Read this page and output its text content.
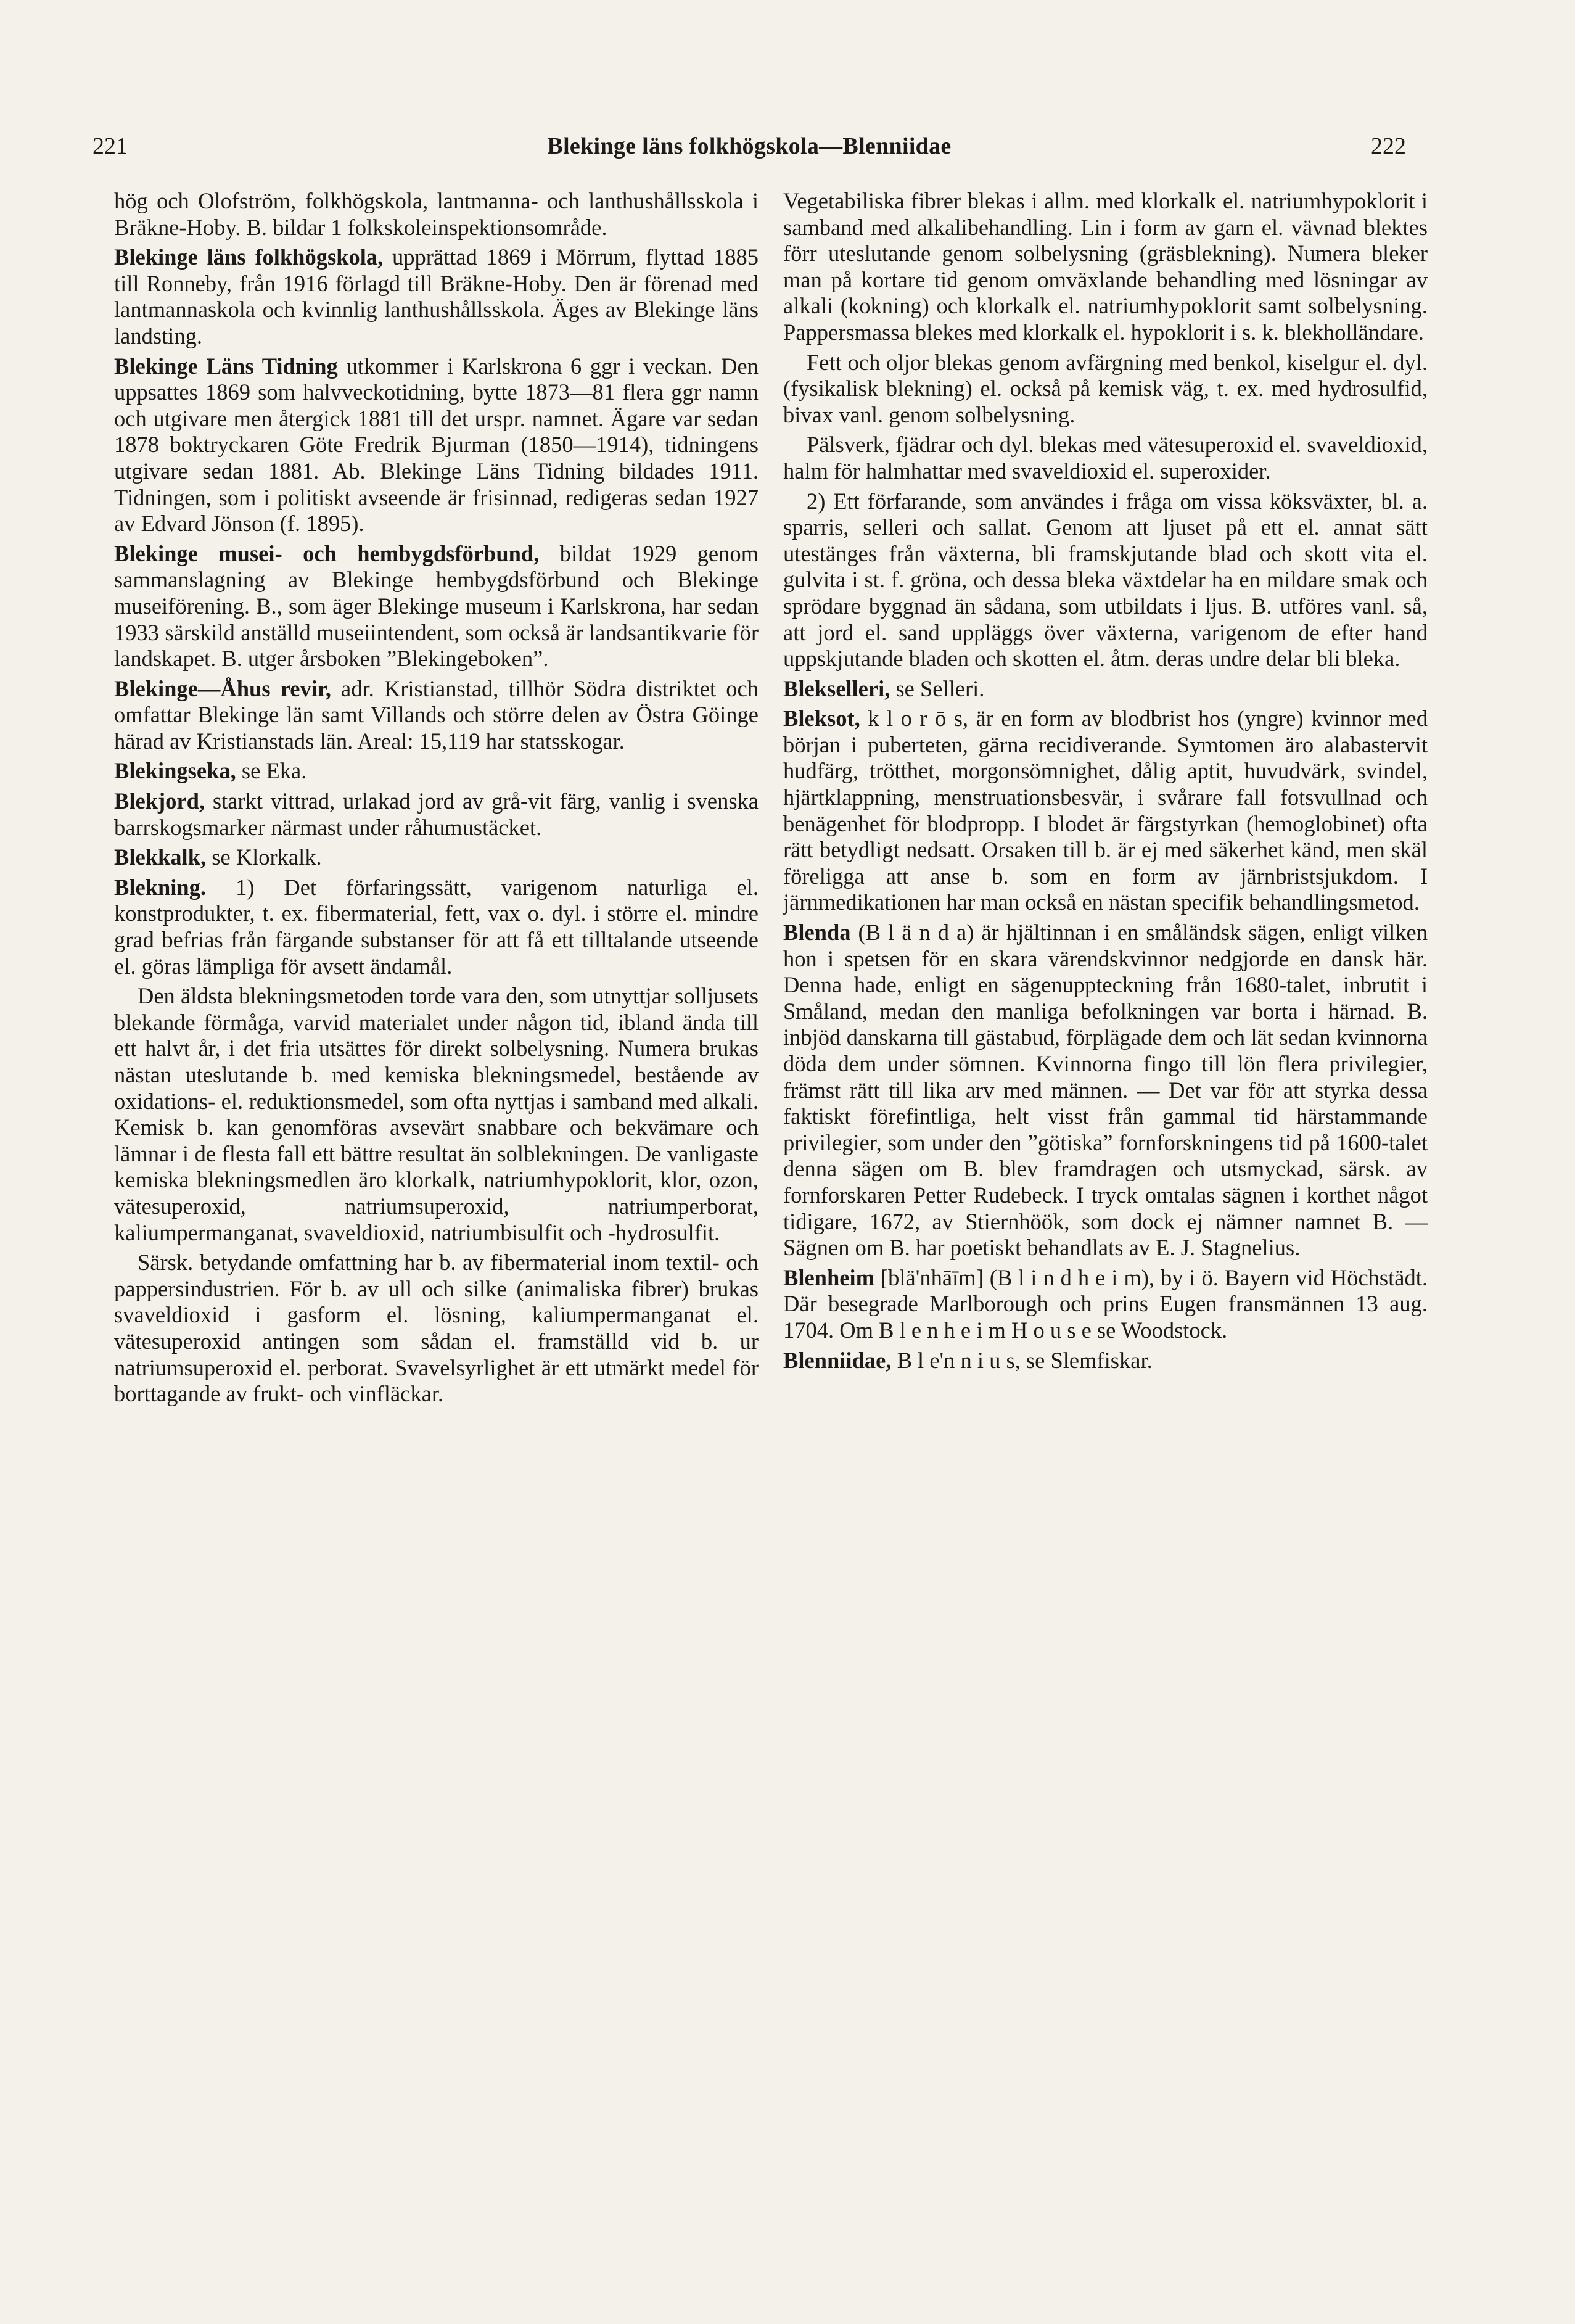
221	Blekinge läns folkhögskola—Blenniidae	222

hög och Olofström, folkhögskola, lantmanna- och lanthushållsskola i Bräkne-Hoby. B. bildar 1 folkskoleinspektionsområde.

Blekinge läns folkhögskola, upprättad 1869 i Mörrum, flyttad 1885 till Ronneby, från 1916 förlagd till Bräkne-Hoby. Den är förenad med lantmannaskola och kvinnlig lanthushållsskola. Äges av Blekinge läns landsting.

Blekinge Läns Tidning utkommer i Karlskrona 6 ggr i veckan. Den uppsattes 1869 som halvveckotidning, bytte 1873—81 flera ggr namn och utgivare men återgick 1881 till det urspr. namnet. Ägare var sedan 1878 boktryckaren Göte Fredrik Bjurman (1850—1914), tidningens utgivare sedan 1881. Ab. Blekinge Läns Tidning bildades 1911. Tidningen, som i politiskt avseende är frisinnad, redigeras sedan 1927 av Edvard Jönson (f. 1895).

Blekinge musei- och hembygdsförbund, bildat 1929 genom sammanslagning av Blekinge hembygdsförbund och Blekinge museiförening. B., som äger Blekinge museum i Karlskrona, har sedan 1933 särskild anställd museiintendent, som också är landsantikvarie för landskapet. B. utger årsboken ”Blekingeboken”.

Blekinge—Åhus revir, adr. Kristianstad, tillhör Södra distriktet och omfattar Blekinge län samt Villands och större delen av Östra Göinge härad av Kristianstads län. Areal: 15,119 har statsskogar.

Blekingseka, se Eka.

Blekjord, starkt vittrad, urlakad jord av grå-vit färg, vanlig i svenska barrskogsmarker närmast under råhumustäcket.

Blekkalk, se Klorkalk.

Blekning. 1) Det förfaringssätt, varigenom naturliga el. konstprodukter, t. ex. fibermaterial, fett, vax o. dyl. i större el. mindre grad befrias från färgande substanser för att få ett tilltalande utseende el. göras lämpliga för avsett ändamål.

Den äldsta blekningsmetoden torde vara den, som utnyttjar solljusets blekande förmåga, varvid materialet under någon tid, ibland ända till ett halvt år, i det fria utsättes för direkt solbelysning. Numera brukas nästan uteslutande b. med kemiska blekningsmedel, bestående av oxidations- el. reduktionsmedel, som ofta nyttjas i samband med alkali. Kemisk b. kan genomföras avsevärt snabbare och bekvämare och lämnar i de flesta fall ett bättre resultat än solblekningen. De vanligaste kemiska blekningsmedlen äro klorkalk, natriumhypoklorit, klor, ozon, vätesuperoxid, natriumsuperoxid, natriumperborat, kaliumpermanganat, svaveldioxid, natriumbisulfit och -hydrosulfit.

Särsk. betydande omfattning har b. av fibermaterial inom textil- och pappersindustrien. För b. av ull och silke (animaliska fibrer) brukas svaveldioxid i gasform el. lösning, kaliumpermanganat el. vätesuperoxid antingen som sådan el. framställd vid b. ur natriumsuperoxid el. perborat. Svavelsyrlighet är ett utmärkt medel för borttagande av frukt- och vinfläckar.

Vegetabiliska fibrer blekas i allm. med klorkalk el. natriumhypoklorit i samband med alkalibehandling. Lin i form av garn el. vävnad blektes förr uteslutande genom solbelysning (gräsblekning). Numera bleker man på kortare tid genom omväxlande behandling med lösningar av alkali (kokning) och klorkalk el. natriumhypoklorit samt solbelysning. Pappersmassa blekes med klorkalk el. hypoklorit i s. k. blekholländare.

Fett och oljor blekas genom avfärgning med benkol, kiselgur el. dyl. (fysikalisk blekning) el. också på kemisk väg, t. ex. med hydrosulfid, bivax vanl. genom solbelysning.

Pälsverk, fjädrar och dyl. blekas med vätesuperoxid el. svaveldioxid, halm för halmhattar med svaveldioxid el. superoxider.

2) Ett förfarande, som användes i fråga om vissa köksväxter, bl. a. sparris, selleri och sallat. Genom att ljuset på ett el. annat sätt utestänges från växterna, bli framskjutande blad och skott vita el. gulvita i st. f. gröna, och dessa bleka växtdelar ha en mildare smak och sprödare byggnad än sådana, som utbildats i ljus. B. utföres vanl. så, att jord el. sand uppläggs över växterna, varigenom de efter hand uppskjutande bladen och skotten el. åtm. deras undre delar bli bleka.

Blekselleri, se Selleri.

Bleksot, k l o r ō s, är en form av blodbrist hos (yngre) kvinnor med början i puberteten, gärna recidiverande. Symtomen äro alabastervit hudfärg, trötthet, morgonsömnighet, dålig aptit, huvudvärk, svindel, hjärtklappning, menstruationsbesvär, i svårare fall fotsvullnad och benägenhet för blodpropp. I blodet är färgstyrkan (hemoglobinet) ofta rätt betydligt nedsatt. Orsaken till b. är ej med säkerhet känd, men skäl föreligga att anse b. som en form av järnbristsjukdom. I järnmedikationen har man också en nästan specifik behandlingsmetod.

Blenda (B l ä n d a) är hjältinnan i en småländsk sägen, enligt vilken hon i spetsen för en skara värendskvinnor nedgjorde en dansk här. Denna hade, enligt en sägenuppteckning från 1680-talet, inbrutit i Småland, medan den manliga befolkningen var borta i härnad. B. inbjöd danskarna till gästabud, förplägade dem och lät sedan kvinnorna döda dem under sömnen. Kvinnorna fingo till lön flera privilegier, främst rätt till lika arv med männen. — Det var för att styrka dessa faktiskt förefintliga, helt visst från gammal tid härstammande privilegier, som under den ”götiska” fornforskningens tid på 1600-talet denna sägen om B. blev framdragen och utsmyckad, särsk. av fornforskaren Petter Rudebeck. I tryck omtalas sägnen i korthet något tidigare, 1672, av Stiernhöök, som dock ej nämner namnet B. — Sägnen om B. har poetiskt behandlats av E. J. Stagnelius.

Blenheim [blä'nhāīm] (B l i n d h e i m), by i ö. Bayern vid Höchstädt. Där besegrade Marlborough och prins Eugen fransmännen 13 aug. 1704. Om B l e n h e i m H o u s e se Woodstock.

Blenniidae, B l e'n n i u s, se Slemfiskar.
